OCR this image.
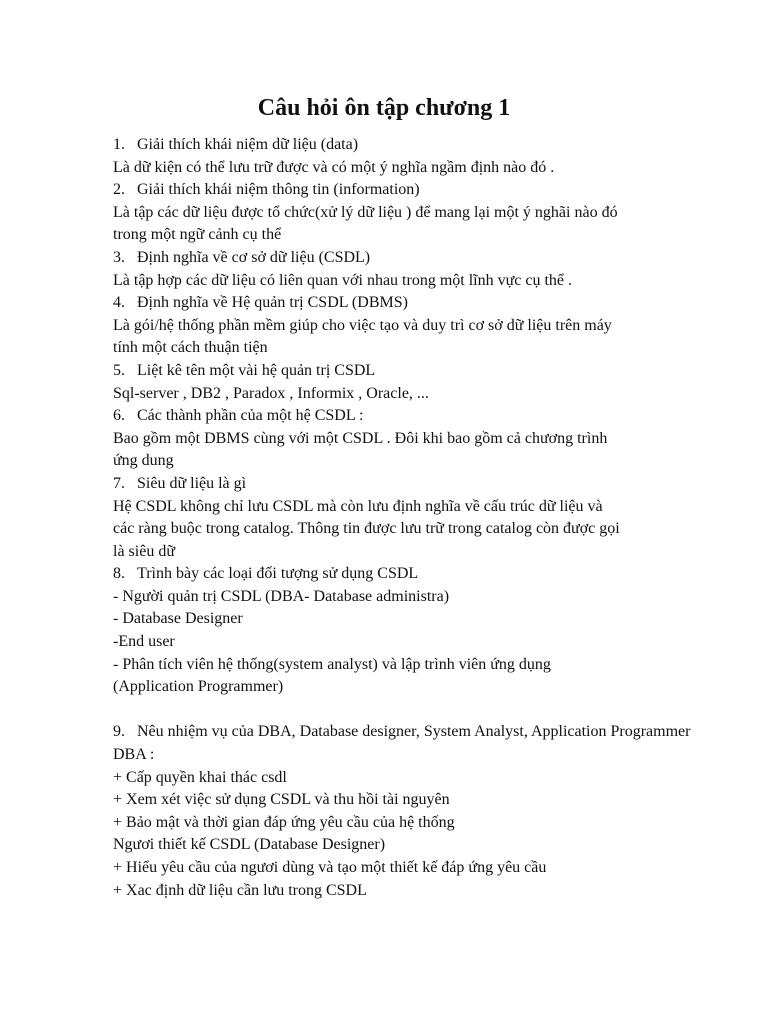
Câu hỏi ôn tập chương 1
1. Giải thích khái niệm dữ liệu (data)
Là dữ kiện có thể lưu trữ được và có một ý nghĩa ngầm định nào đó .
2. Giải thích khái niệm thông tin (information)
Là tập các dữ liệu được tổ chức(xử lý dữ liệu ) để mang lại một ý nghãi nào đó
trong một ngữ cảnh cụ thể
3. Định nghĩa về cơ sở dữ liệu (CSDL)
Là tập hợp các dữ liệu có liên quan với nhau trong một lĩnh vực cụ thể .
4. Định nghĩa về Hệ quản trị CSDL (DBMS)
Là gói/hệ thống phần mềm giúp cho việc tạo và duy trì cơ sở dữ liệu trên máy
tính một cách thuận tiện
5. Liệt kê tên một vài hệ quản trị CSDL
Sql-server , DB2 , Paradox , Informix , Oracle, ...
6. Các thành phần của một hệ CSDL :
Bao gồm một DBMS cùng với một CSDL . Đôi khi bao gồm cả chương trình
ứng dung
7. Siêu dữ liệu là gì
Hệ CSDL không chỉ lưu CSDL mà còn lưu định nghĩa về cấu trúc dữ liệu và
các ràng buộc trong catalog. Thông tin được lưu trữ trong catalog còn được gọi
là siêu dữ
8. Trình bày các loại đối tượng sử dụng CSDL
- Người quản trị CSDL (DBA- Database administra)
- Database Designer
-End user
- Phân tích viên hệ thống(system analyst) và lập trình viên ứng dụng
(Application Programmer)
9. Nêu nhiệm vụ của DBA, Database designer, System Analyst, Application Programmer
DBA :
+ Cấp quyền khai thác csdl
+ Xem xét việc sử dụng CSDL và thu hồi tài nguyên
+ Bảo mật và thời gian đáp ứng yêu cầu của hệ thống
Ngươi thiết kế CSDL (Database Designer)
+ Hiểu yêu cầu của ngươi dùng và tạo một thiết kế đáp ứng yêu cầu
+ Xac định dữ liệu cần lưu trong CSDL
